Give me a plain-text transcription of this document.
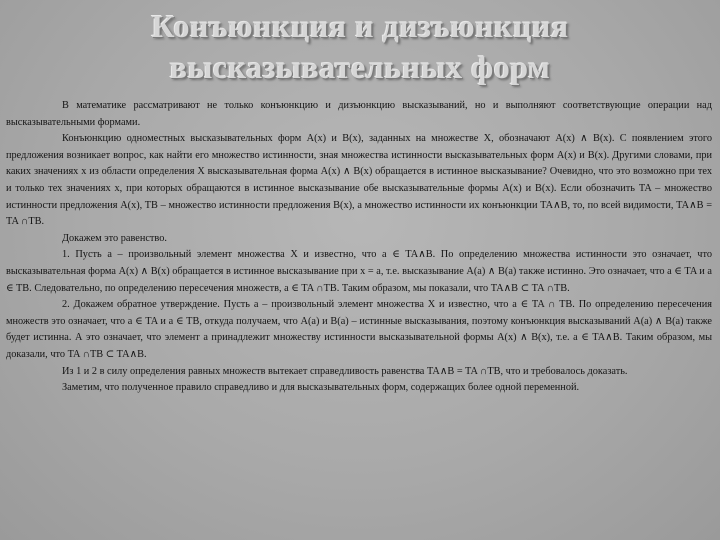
Конъюнкция и дизъюнкция
высказывательных форм

В математике рассматривают не только конъюнкцию и дизъюнкцию высказываний, но и выполняют соответствующие операции над высказывательными формами.

Конъюнкцию одноместных высказывательных форм A(x) и B(x), заданных на множестве X, обозначают A(x) ∧ B(x). С появлением этого предложения возникает вопрос, как найти его множество истинности, зная множества истинности высказывательных форм A(x) и B(x). Другими словами, при каких значениях x из области определения X высказывательная форма A(x) ∧ B(x) обращается в истинное высказывание? Очевидно, что это возможно при тех и только тех значениях x, при которых обращаются в истинное высказывание обе высказывательные формы A(x) и B(x). Если обозначить TA – множество истинности предложения A(x), TB – множество истинности предложения B(x), а множество истинности их конъюнкции TA∧B, то, по всей видимости, TA∧B = TA ∩TB.

Докажем это равенство.

1. Пусть a – произвольный элемент множества X и известно, что a ∈ TA∧B. По определению множества истинности это означает, что высказывательная форма A(x) ∧ B(x) обращается в истинное высказывание при x = a, т.е. высказывание A(a) ∧ B(a) также истинно. Это означает, что a ∈ TA и a ∈ TB. Следовательно, по определению пересечения множеств, a ∈ TA ∩TB. Таким образом, мы показали, что TA∧B ⊂ TA ∩TB.

2. Докажем обратное утверждение. Пусть a – произвольный элемент множества X и известно, что a ∈ TA ∩ TB. По определению пересечения множеств это означает, что a ∈ TA и a ∈ TB, откуда получаем, что A(a) и B(a) – истинные высказывания, поэтому конъюнкция высказываний A(a) ∧ B(a) также будет истинна. А это означает, что элемент a принадлежит множеству истинности высказывательной формы A(x) ∧ B(x), т.е. a ∈ TA∧B. Таким образом, мы доказали, что TA ∩TB ⊂ TA∧B.

Из 1 и 2 в силу определения равных множеств вытекает справедливость равенства TA∧B = TA ∩TB, что и требовалось доказать.

Заметим, что полученное правило справедливо и для высказывательных форм, содержащих более одной переменной.
